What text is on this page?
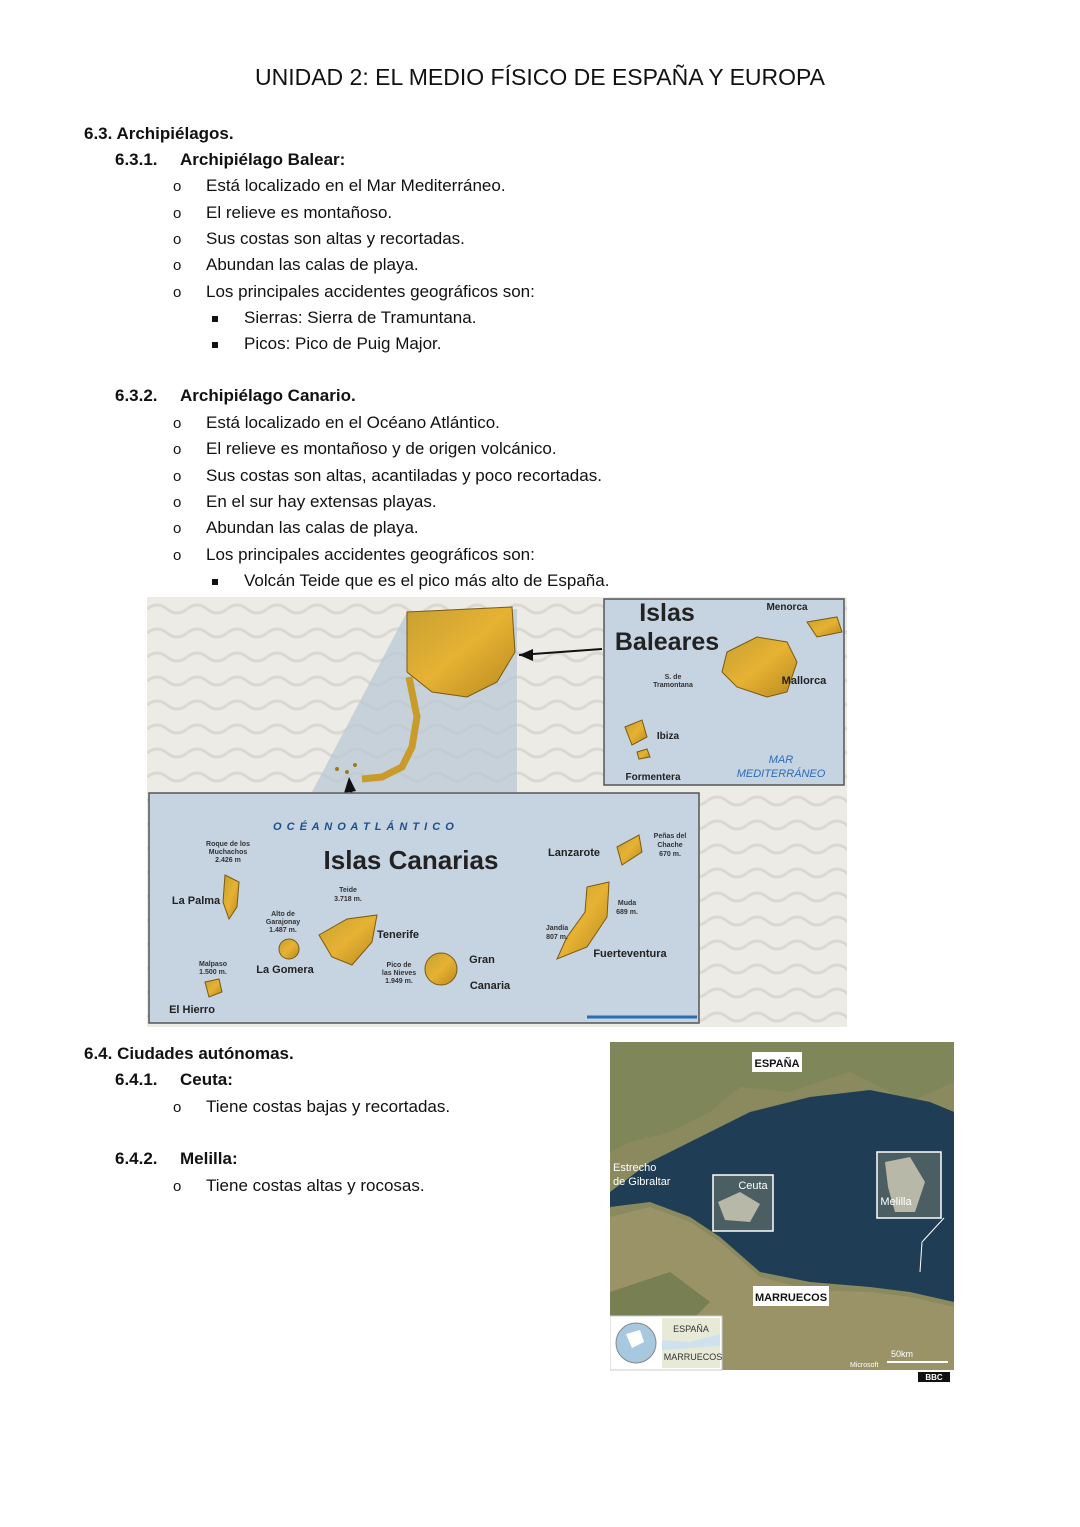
UNIDAD 2: EL MEDIO FÍSICO DE ESPAÑA Y EUROPA
6.3. Archipiélagos.
6.3.1. Archipiélago Balear:
o Está localizado en el Mar Mediterráneo.
o El relieve es montañoso.
o Sus costas son altas y recortadas.
o Abundan las calas de playa.
o Los principales accidentes geográficos son:
Sierras: Sierra de Tramuntana.
Picos: Pico de Puig Major.
6.3.2. Archipiélago Canario.
o Está localizado en el Océano Atlántico.
o El relieve es montañoso y de origen volcánico.
o Sus costas son altas, acantiladas y poco recortadas.
o En el sur hay extensas playas.
o Abundan las calas de playa.
o Los principales accidentes geográficos son:
Volcán Teide que es el pico más alto de España.
Islas
Baleares
Menorca
Mallorca
Ibiza
Formentera
S. de
Tramontana
MAR
MEDITERRÁNEO
O C É A N O A T L Á N T I C O
Islas Canarias
Roque de los
Muchachos
2.426 m
La Palma
Alto de
Garajonay
1.487 m.
Teide
3.718 m.
Tenerife
La Gomera
Malpaso
1.500 m.
El Hierro
Pico de
las Nieves
1.949 m.
Gran
Canaria
Lanzarote
Peñas del
Chache
670 m.
Muda
689 m.
Jandía
807 m.
Fuerteventura
6.4. Ciudades autónomas.
6.4.1. Ceuta:
o Tiene costas bajas y recortadas.
6.4.2. Melilla:
o Tiene costas altas y rocosas.
ESPAÑA
Estrecho
de Gibraltar	Ceuta
Melilla
MARRUECOS
ESPAÑA
MARRUECOS	50km
Microsoft
BBC
